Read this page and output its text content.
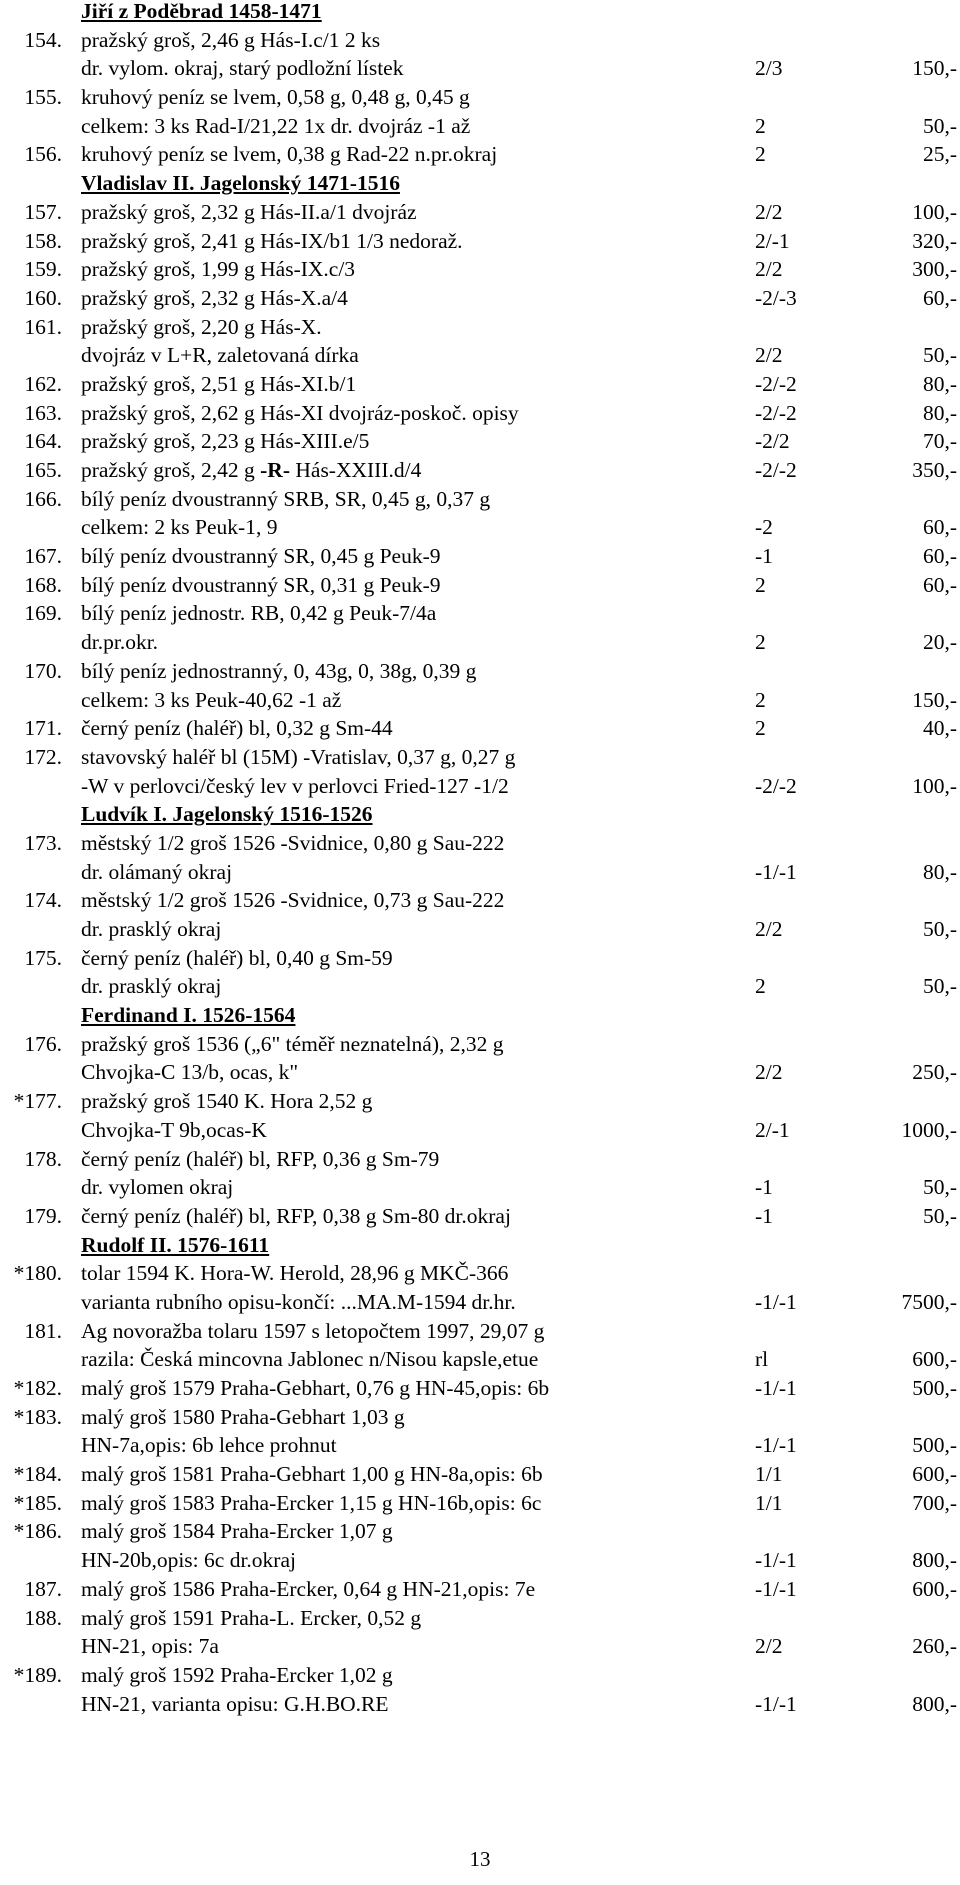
Jiří z Poděbrad 1458-1471
154. pražský groš, 2,46 g Hás-I.c/1 2 ks
dr. vylom. okraj, starý podložní lístek	2/3	150,-
155. kruhový peníz se lvem, 0,58 g, 0,48 g, 0,45 g
celkem: 3 ks Rad-I/21,22 1x dr. dvojráz -1 až	2	50,-
156. kruhový peníz se lvem, 0,38 g Rad-22 n.pr.okraj	2	25,-
Vladislav II. Jagelonský 1471-1516
157. pražský groš, 2,32 g Hás-II.a/1 dvojráz	2/2	100,-
158. pražský groš, 2,41 g Hás-IX/b1 1/3 nedorаž.	2/-1	320,-
159. pražský groš, 1,99 g Hás-IX.c/3	2/2	300,-
160. pražský groš, 2,32 g Hás-X.a/4	-2/-3	60,-
161. pražský groš, 2,20 g Hás-X.
dvojráz v L+R, zaletovaná dírka	2/2	50,-
162. pražský groš, 2,51 g Hás-XI.b/1	-2/-2	80,-
163. pražský groš, 2,62 g Hás-XI dvojráz-poskoč. opisy	-2/-2	80,-
164. pražský groš, 2,23 g Hás-XIII.e/5	-2/2	70,-
165. pražský groš, 2,42 g -R- Hás-XXIII.d/4	-2/-2	350,-
166. bílý peníz dvoustranný SRB, SR, 0,45 g, 0,37 g
celkem: 2 ks Peuk-1, 9	-2	60,-
167. bílý peníz dvoustranný SR, 0,45 g Peuk-9	-1	60,-
168. bílý peníz dvoustranný SR, 0,31 g Peuk-9	2	60,-
169. bílý peníz jednostr. RB, 0,42 g Peuk-7/4a
dr.pr.okr.	2	20,-
170. bílý peníz jednostranný, 0, 43g, 0, 38g, 0,39 g
celkem: 3 ks Peuk-40,62 -1 až	2	150,-
171. černý peníz (haléř) bl, 0,32 g Sm-44	2	40,-
172. stavovský haléř bl (15M) -Vratislav, 0,37 g, 0,27 g
-W v perlovci/český lev v perlovci Fried-127 -1/2	-2/-2	100,-
Ludvík I. Jagelonský 1516-1526
173. městský 1/2 groš 1526 -Svidnice, 0,80 g Sau-222
dr. olámaný okraj	-1/-1	80,-
174. městský 1/2 groš 1526 -Svidnice, 0,73 g Sau-222
dr. prasklý okraj	2/2	50,-
175. černý peníz (haléř) bl, 0,40 g Sm-59
dr. prasklý okraj	2	50,-
Ferdinand I. 1526-1564
176. pražský groš 1536 („6" téměř neznatelná), 2,32 g
Chvojka-C 13/b, ocas, k"	2/2	250,-
*177. pražský groš 1540 K. Hora 2,52 g
Chvojka-T 9b,ocas-K	2/-1	1000,-
178. černý peníz (haléř) bl, RFP, 0,36 g Sm-79
dr. vylomen okraj	-1	50,-
179. černý peníz (haléř) bl, RFP, 0,38 g Sm-80 dr.okraj	-1	50,-
Rudolf II. 1576-1611
*180. tolar 1594 K. Hora-W. Herold, 28,96 g MKČ-366
varianta rubního opisu-končí: ...MA.M-1594 dr.hr.	-1/-1	7500,-
181. Ag novoražba tolaru 1597 s letopočtem 1997, 29,07 g
razila: Česká mincovna Jablonec n/Nisou kapsle,etue	rl	600,-
*182. malý groš 1579 Praha-Gebhart, 0,76 g HN-45,opis: 6b	-1/-1	500,-
*183. malý groš 1580 Praha-Gebhart 1,03 g
HN-7a,opis: 6b lehce prohnut	-1/-1	500,-
*184. malý groš 1581 Praha-Gebhart 1,00 g HN-8a,opis: 6b	1/1	600,-
*185. malý groš 1583 Praha-Ercker 1,15 g HN-16b,opis: 6c	1/1	700,-
*186. malý groš 1584 Praha-Ercker 1,07 g
HN-20b,opis: 6c dr.okraj	-1/-1	800,-
187. malý groš 1586 Praha-Ercker, 0,64 g HN-21,opis: 7e	-1/-1	600,-
188. malý groš 1591 Praha-L. Ercker, 0,52 g
HN-21, opis: 7a	2/2	260,-
*189. malý groš 1592 Praha-Ercker 1,02 g
HN-21, varianta opisu: G.H.BO.RE	-1/-1	800,-
13
